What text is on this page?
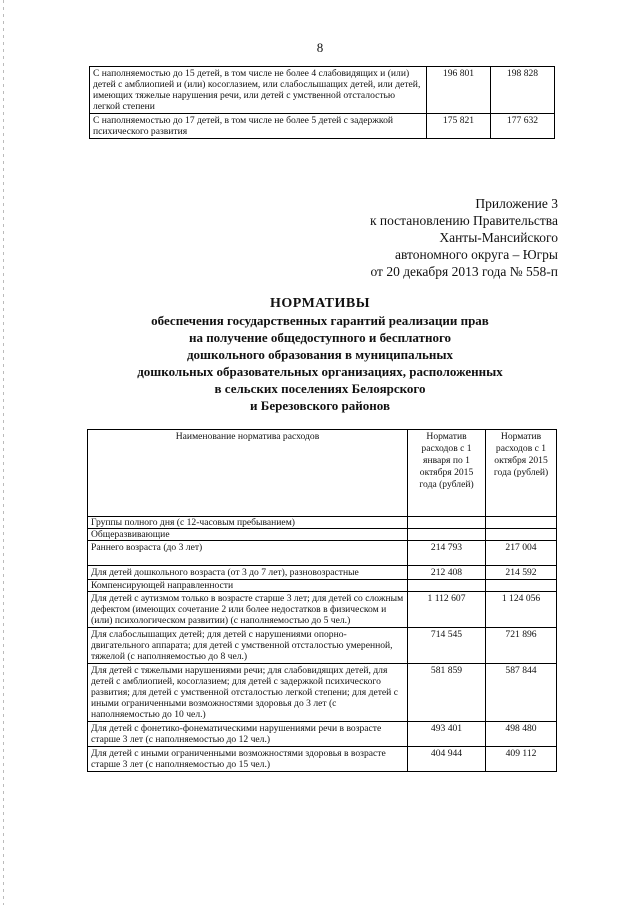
8
С наполняемостью до 15 детей, в том числе не более 4 слабовидящих и (или) детей с амблиопией и (или) косоглазием, или слабослышащих детей, или детей, имеющих тяжелые нарушения речи, или детей с умственной отсталостью легкой степени	196 801	198 828
С наполняемостью до 17 детей, в том числе не более 5 детей с задержкой психического развития	175 821	177 632
Приложение 3
к постановлению Правительства
Ханты-Мансийского
автономного округа – Югры
от 20 декабря 2013 года № 558-п
НОРМАТИВЫ
обеспечения государственных гарантий реализации прав
на получение общедоступного и бесплатного
дошкольного образования в муниципальных
дошкольных образовательных организациях, расположенных
в сельских поселениях Белоярского
и Березовского районов
Наименование норматива расходов	Норматив расходов с 1 января по 1 октября 2015 года (рублей)	Норматив расходов с 1 октября 2015 года (рублей)
Группы полного дня (с 12-часовым пребыванием)		
Общеразвивающие		
Раннего возраста (до 3 лет)	214 793	217 004
Для детей дошкольного возраста (от 3 до 7 лет), разновозрастные	212 408	214 592
Компенсирующей направленности		
Для детей с аутизмом только в возрасте старше 3 лет; для детей со сложным дефектом (имеющих сочетание 2 или более недостатков в физическом и (или) психологическом развитии) (с наполняемостью до 5 чел.)	1 112 607	1 124 056
Для слабослышащих детей; для детей с нарушениями опорно-двигательного аппарата; для детей с умственной отсталостью умеренной, тяжелой (с наполняемостью до 8 чел.)	714 545	721 896
Для детей с тяжелыми нарушениями речи; для слабовидящих детей, для детей с амблиопией, косоглазием; для детей с задержкой психического развития; для детей с умственной отсталостью легкой степени; для детей с иными ограниченными возможностями здоровья до 3 лет (с наполняемостью до 10 чел.)	581 859	587 844
Для детей с фонетико-фонематическими нарушениями речи в возрасте старше 3 лет (с наполняемостью до 12 чел.)	493 401	498 480
Для детей с иными ограниченными возможностями здоровья в возрасте старше 3 лет (с наполняемостью до 15 чел.)	404 944	409 112
